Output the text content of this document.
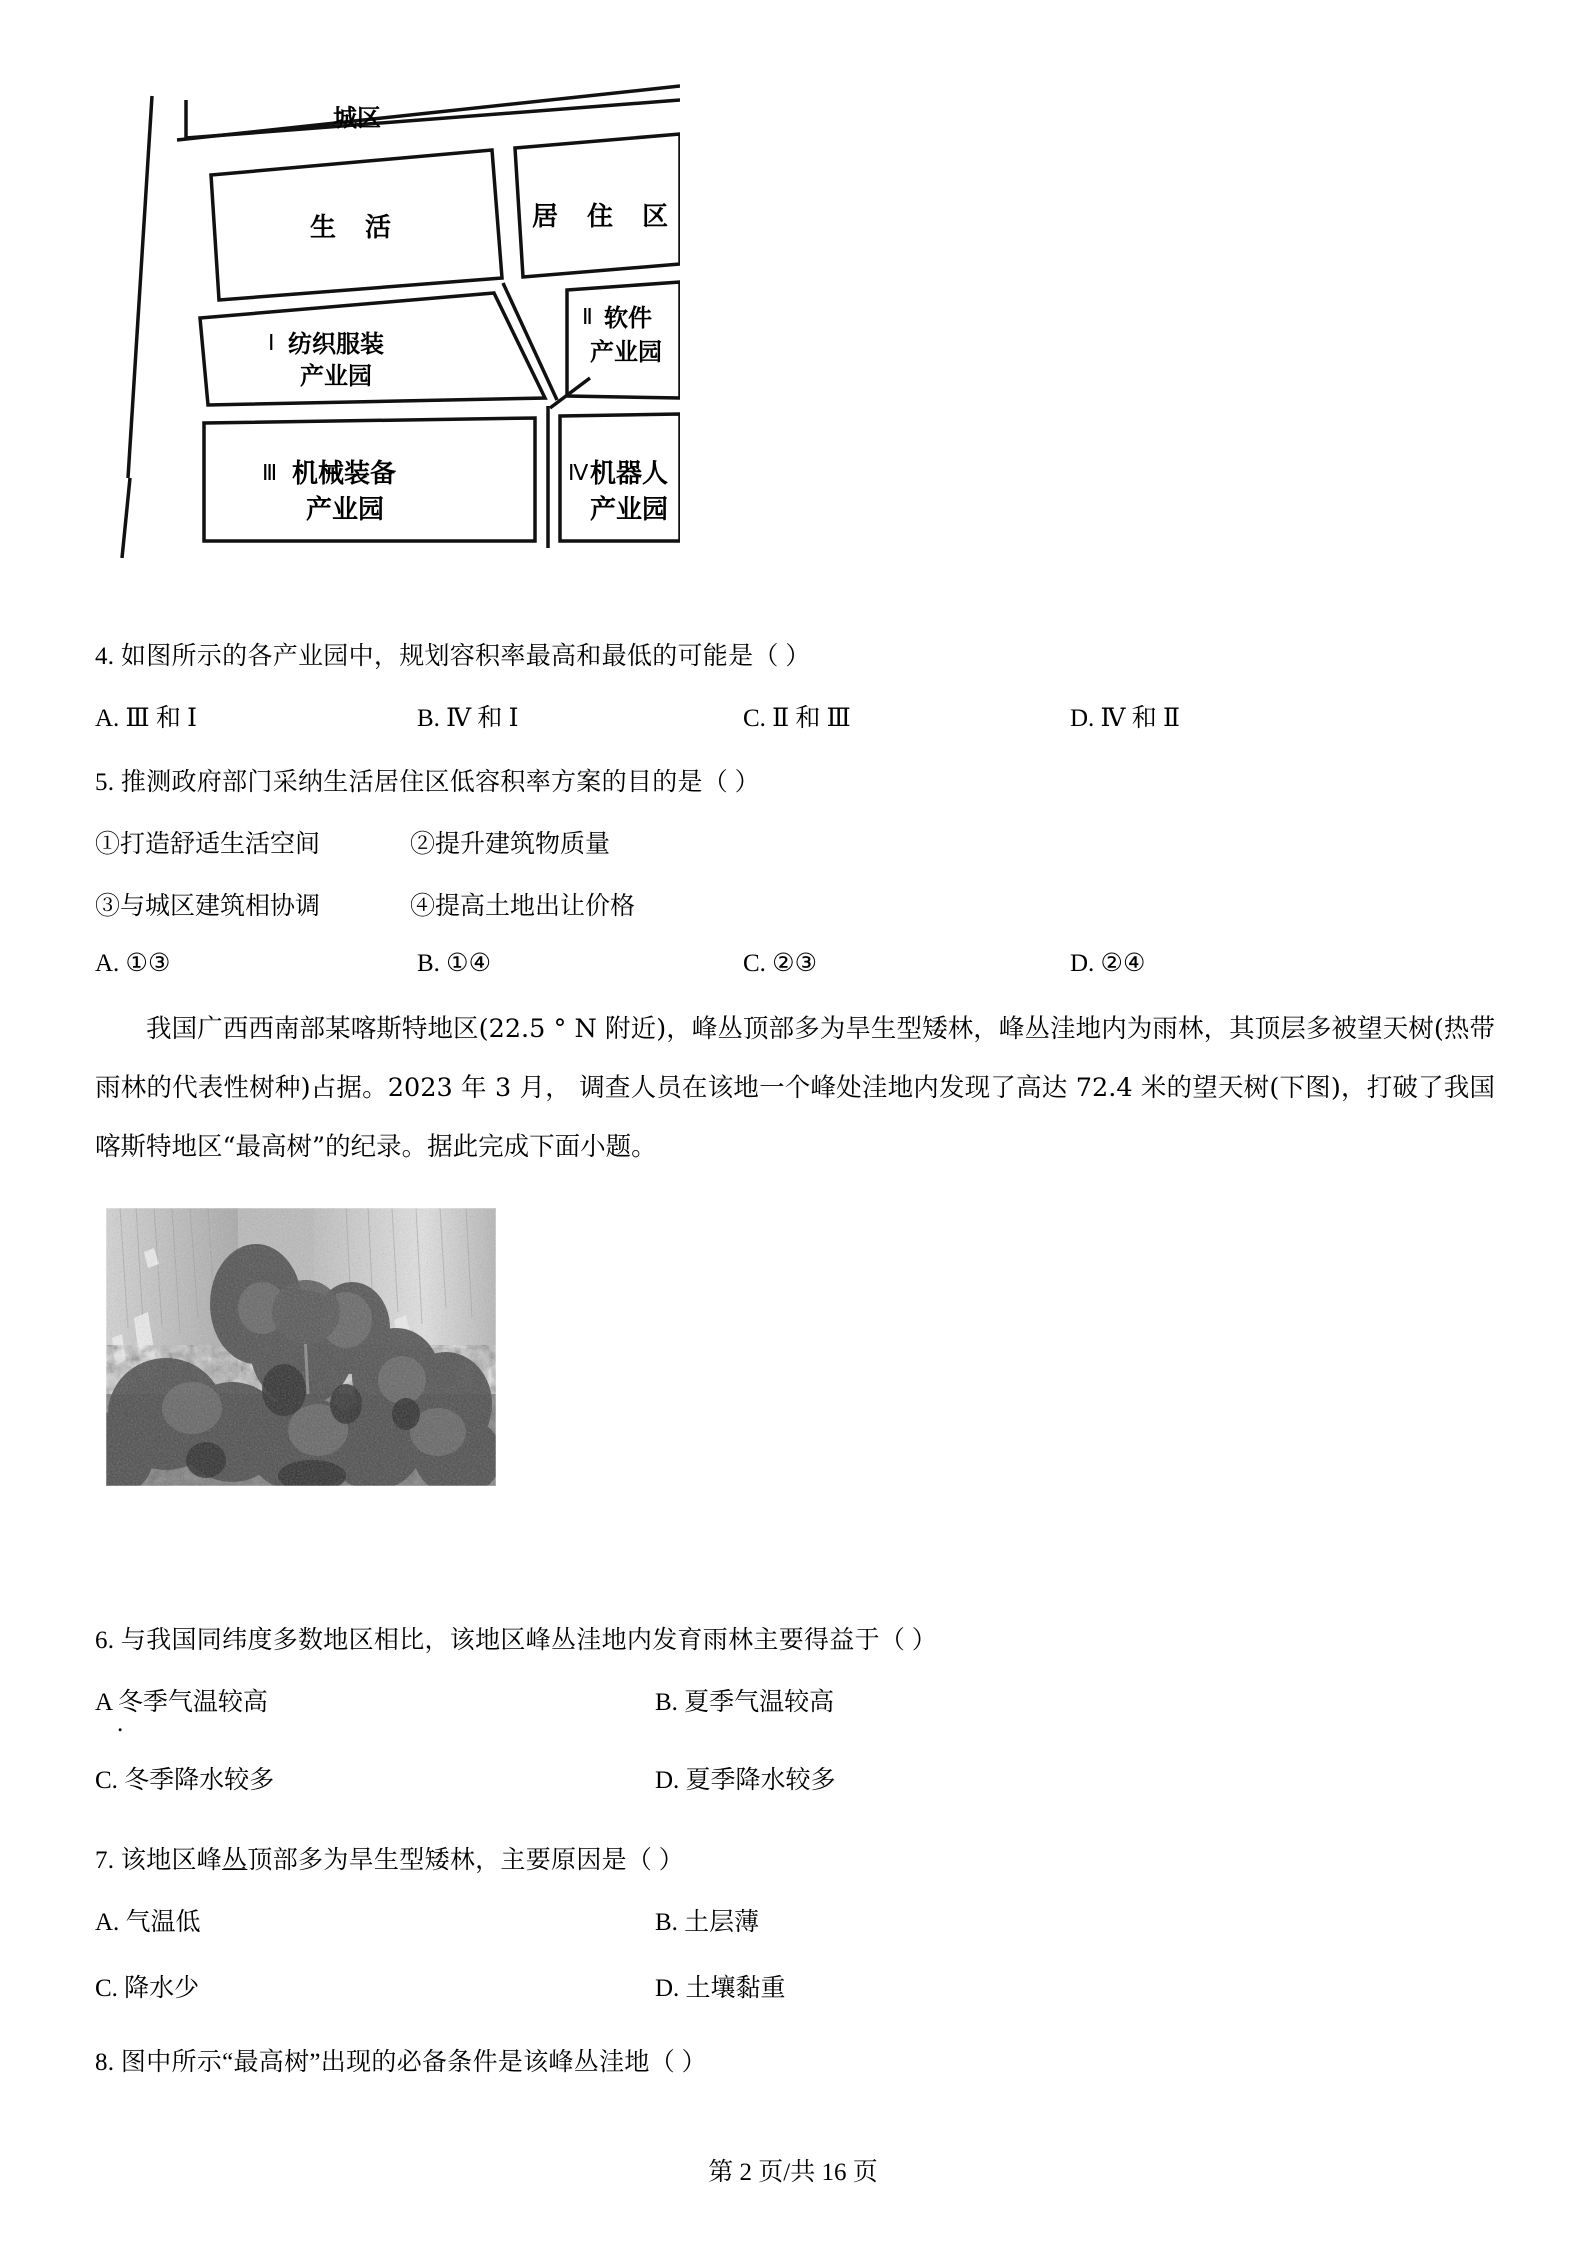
城区
生 活	居 住 区
Ⅰ 纺织服装
产业园
Ⅱ 软件
产业园
Ⅲ 机械装备
产业园
Ⅳ 机器人
产业园
4. 如图所示的各产业园中，规划容积率最高和最低的可能是（ ）
A. Ⅲ 和 Ⅰ	B. Ⅳ 和 Ⅰ	C. Ⅱ 和 Ⅲ	D. Ⅳ 和 Ⅱ
5. 推测政府部门采纳生活居住区低容积率方案的目的是（ ）
①打造舒适生活空间	②提升建筑物质量
③与城区建筑相协调	④提高土地出让价格
A. ①③	B. ①④	C. ②③	D. ②④

我国广西西南部某喀斯特地区(22.5 ° N 附近)，峰丛顶部多为旱生型矮林，峰丛洼地内为雨林，其顶层多被望天树(热带雨林的代表性树种)占据。2023 年 3 月， 调查人员在该地一个峰处洼地内发现了高达 72.4 米的望天树(下图)，打破了我国喀斯特地区“最高树”的纪录。据此完成下面小题。

6. 与我国同纬度多数地区相比，该地区峰丛洼地内发育雨林主要得益于（ ）
A 冬季气温较高
.
B. 夏季气温较高
C. 冬季降水较多	D. 夏季降水较多
7. 该地区峰丛顶部多为旱生型矮林，主要原因是（ ）
A. 气温低	B. 土层薄
C. 降水少	D. 土壤黏重
8. 图中所示“最高树”出现的必备条件是该峰丛洼地（ ）
第 2 页/共 16 页
